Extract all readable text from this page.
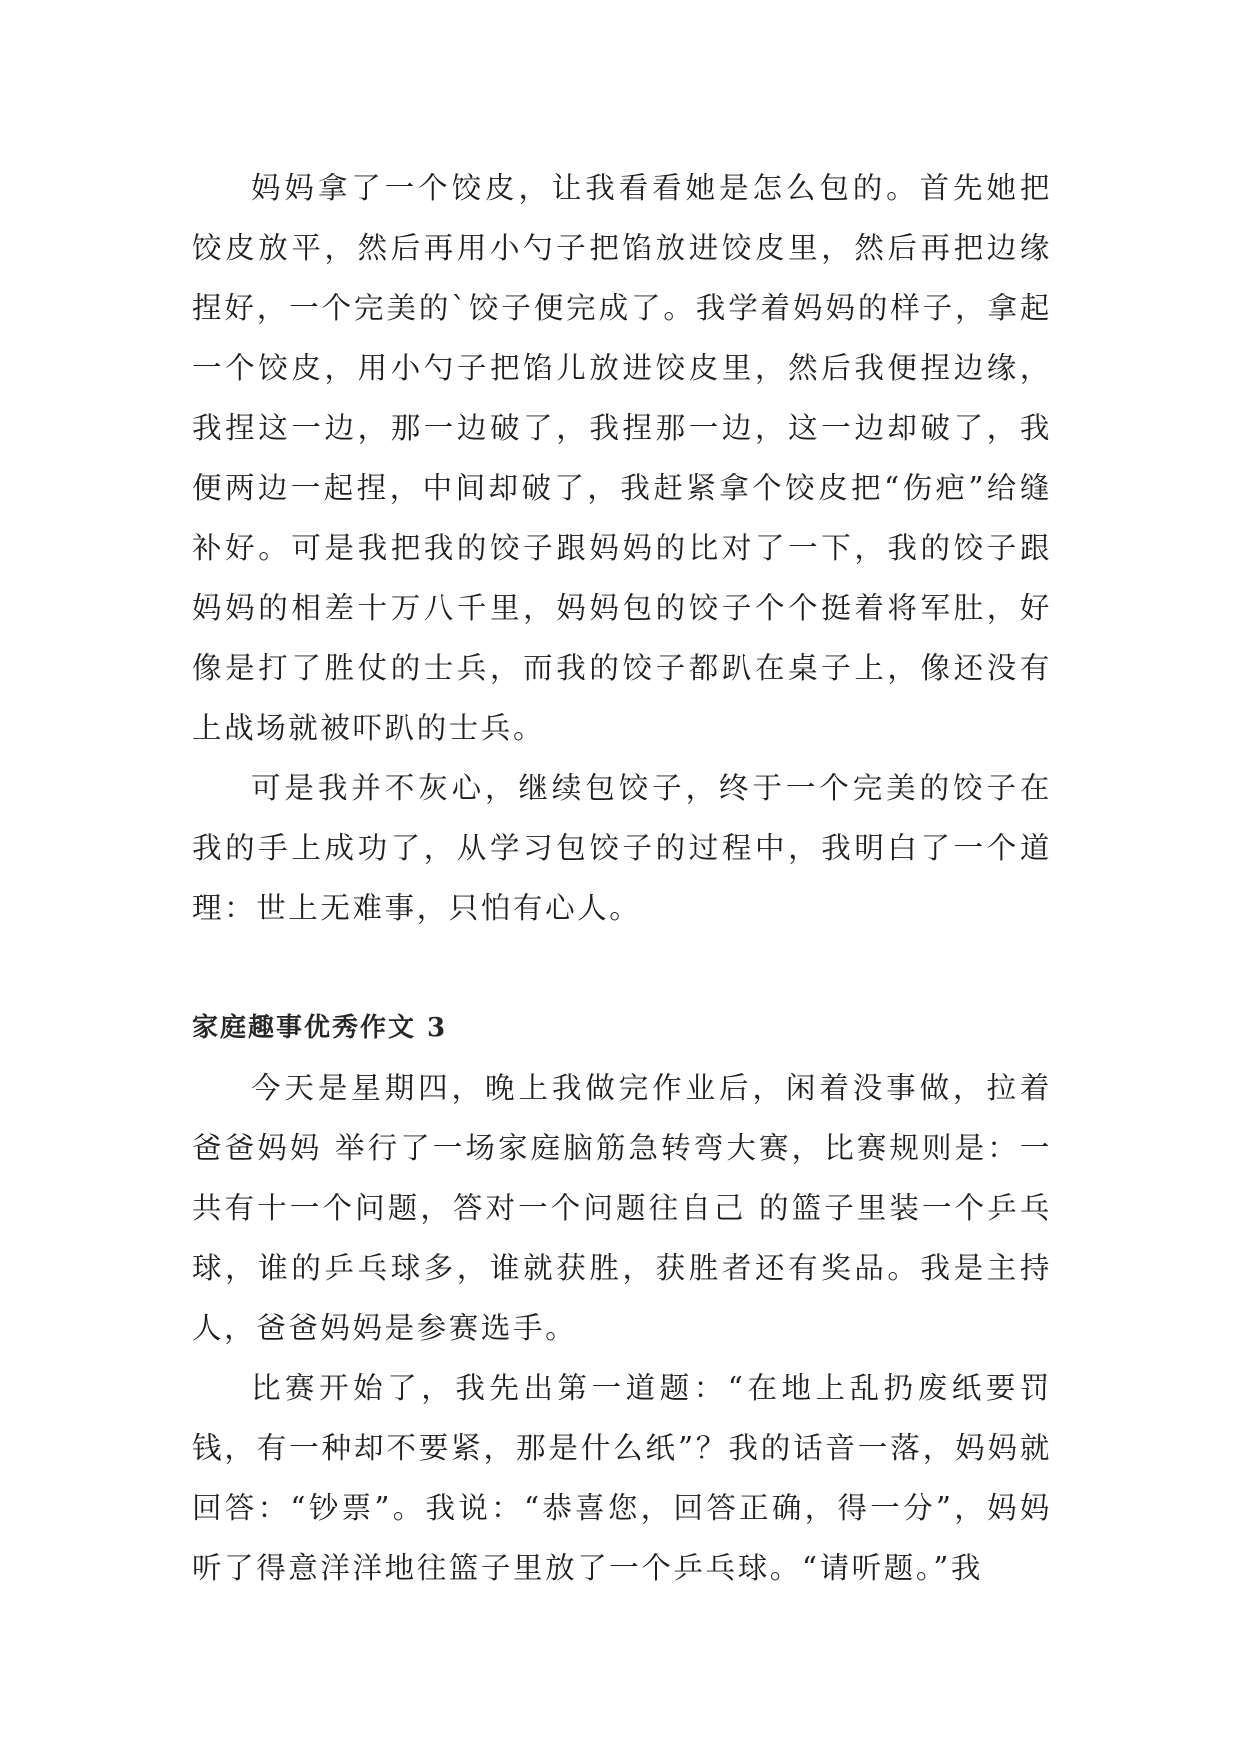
妈妈拿了一个饺皮，让我看看她是怎么包的。首先她把饺皮放平，然后再用小勺子把馅放进饺皮里，然后再把边缘捏好，一个完美的`饺子便完成了。我学着妈妈的样子，拿起一个饺皮，用小勺子把馅儿放进饺皮里，然后我便捏边缘，我捏这一边，那一边破了，我捏那一边，这一边却破了，我便两边一起捏，中间却破了，我赶紧拿个饺皮把“伤疤”给缝补好。可是我把我的饺子跟妈妈的比对了一下，我的饺子跟妈妈的相差十万八千里，妈妈包的饺子个个挺着将军肚，好像是打了胜仗的士兵，而我的饺子都趴在桌子上，像还没有上战场就被吓趴的士兵。

可是我并不灰心，继续包饺子，终于一个完美的饺子在我的手上成功了，从学习包饺子的过程中，我明白了一个道理：世上无难事，只怕有心人。

家庭趣事优秀作文 3

今天是星期四，晚上我做完作业后，闲着没事做，拉着爸爸妈妈 举行了一场家庭脑筋急转弯大赛，比赛规则是：一共有十一个问题，答对一个问题往自己 的篮子里装一个乒乓球，谁的乒乓球多，谁就获胜，获胜者还有奖品。我是主持人，爸爸妈妈是参赛选手。

比赛开始了，我先出第一道题：“在地上乱扔废纸要罚钱，有一种却不要紧，那是什么纸”？我的话音一落，妈妈就回答：“钞票”。我说：“恭喜您，回答正确，得一分”，妈妈听了得意洋洋地往篮子里放了一个乒乓球。“请听题。”我
